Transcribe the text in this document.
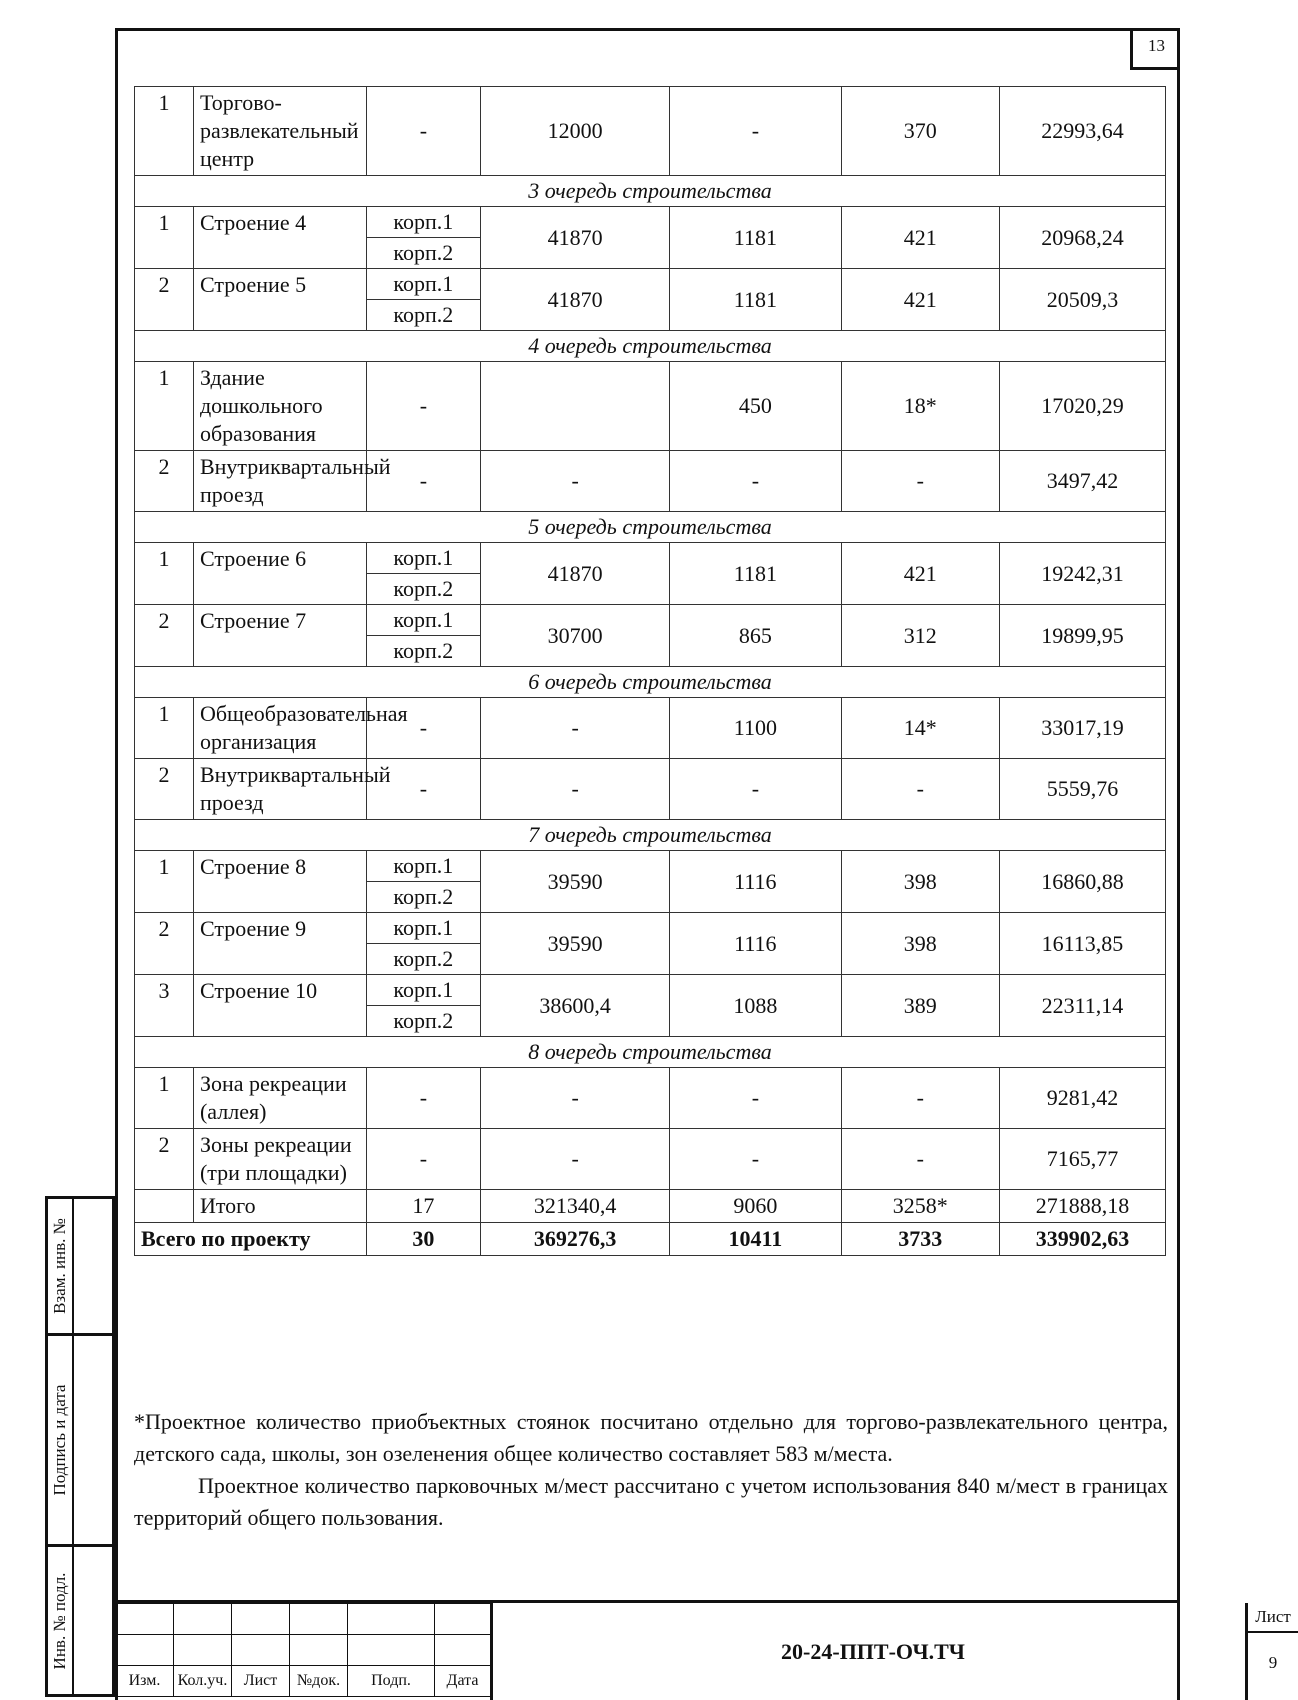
13
1	Торгово-развлекательный центр	-	12000	-	370	22993,64
3 очередь строительства						
1	Строение 4	корп.1	41870	1181	421	20968,24
		корп.2				
2	Строение 5	корп.1	41870	1181	421	20509,3
		корп.2				
4 очередь строительства						
1	Здание дошкольного образования	-		450	18*	17020,29
2	Внутриквартальный проезд	-	-	-	-	3497,42
5 очередь строительства						
1	Строение 6	корп.1	41870	1181	421	19242,31
		корп.2				
2	Строение 7	корп.1	30700	865	312	19899,95
		корп.2				
6 очередь строительства						
1	Общеобразовательная организация	-	-	1100	14*	33017,19
2	Внутриквартальный проезд	-	-	-	-	5559,76
7 очередь строительства						
1	Строение 8	корп.1	39590	1116	398	16860,88
		корп.2				
2	Строение 9	корп.1	39590	1116	398	16113,85
		корп.2				
3	Строение 10	корп.1	38600,4	1088	389	22311,14
		корп.2				
8 очередь строительства						
1	Зона рекреации (аллея)	-	-	-	-	9281,42
2	Зоны рекреации (три площадки)	-	-	-	-	7165,77
	Итого	17	321340,4	9060	3258*	271888,18
Всего по проекту		30	369276,3	10411	3733	339902,63

*Проектное количество приобъектных стоянок посчитано отдельно для торгово-развлекательного центра, детского сада, школы, зон озеленения общее количество составляет 583 м/места.

Проектное количество парковочных м/мест рассчитано с учетом использования 840 м/мест в границах территорий общего пользования.

Взам. инв. №
Подпись и дата
Инв. № подл.

Изм.	Кол.уч.	Лист	№док.	Подп.	Дата
20-24-ППТ-ОЧ.ТЧ
Лист
9
